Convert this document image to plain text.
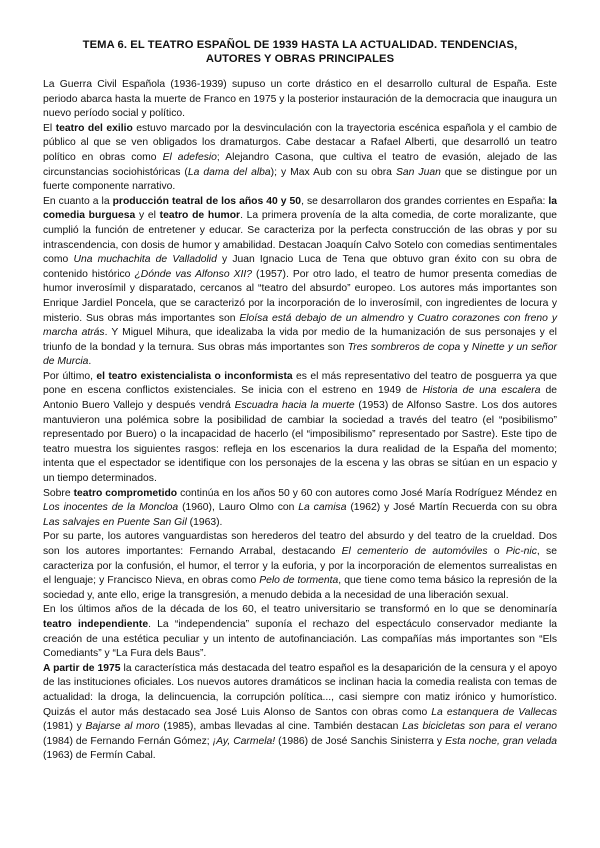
TEMA 6. EL TEATRO ESPAÑOL DE 1939 HASTA LA ACTUALIDAD. TENDENCIAS, AUTORES Y OBRAS PRINCIPALES

La Guerra Civil Española (1936-1939) supuso un corte drástico en el desarrollo cultural de España. Este periodo abarca hasta la muerte de Franco en 1975 y la posterior instauración de la democracia que inaugura un nuevo período social y político.

El teatro del exilio estuvo marcado por la desvinculación con la trayectoria escénica española y el cambio de público al que se ven obligados los dramaturgos. Cabe destacar a Rafael Alberti, que desarrolló un teatro político en obras como El adefesio; Alejandro Casona, que cultiva el teatro de evasión, alejado de las circunstancias sociohistóricas (La dama del alba); y Max Aub con su obra San Juan que se distingue por un fuerte componente narrativo.

En cuanto a la producción teatral de los años 40 y 50, se desarrollaron dos grandes corrientes en España: la comedia burguesa y el teatro de humor. La primera provenía de la alta comedia, de corte moralizante, que cumplió la función de entretener y educar. Se caracteriza por la perfecta construcción de las obras y por su intrascendencia, con dosis de humor y amabilidad. Destacan Joaquín Calvo Sotelo con comedias sentimentales como Una muchachita de Valladolid y Juan Ignacio Luca de Tena que obtuvo gran éxito con su obra de contenido histórico ¿Dónde vas Alfonso XII? (1957). Por otro lado, el teatro de humor presenta comedias de humor inverosímil y disparatado, cercanos al “teatro del absurdo” europeo. Los autores más importantes son Enrique Jardiel Poncela, que se caracterizó por la incorporación de lo inverosímil, con ingredientes de locura y misterio. Sus obras más importantes son Eloísa está debajo de un almendro y Cuatro corazones con freno y marcha atrás. Y Miguel Mihura, que idealizaba la vida por medio de la humanización de sus personajes y el triunfo de la bondad y la ternura. Sus obras más importantes son Tres sombreros de copa y Ninette y un señor de Murcia.

Por último, el teatro existencialista o inconformista es el más representativo del teatro de posguerra ya que pone en escena conflictos existenciales. Se inicia con el estreno en 1949 de Historia de una escalera de Antonio Buero Vallejo y después vendrá Escuadra hacia la muerte (1953) de Alfonso Sastre. Los dos autores mantuvieron una polémica sobre la posibilidad de cambiar la sociedad a través del teatro (el “posibilismo” representado por Buero) o la incapacidad de hacerlo (el “imposibilismo” representado por Sastre). Este tipo de teatro muestra los siguientes rasgos: refleja en los escenarios la dura realidad de la España del momento; intenta que el espectador se identifique con los personajes de la escena y las obras se sitúan en un espacio y un tiempo determinados.

Sobre teatro comprometido continúa en los años 50 y 60 con autores como José María Rodríguez Méndez en Los inocentes de la Moncloa (1960), Lauro Olmo con La camisa (1962) y José Martín Recuerda con su obra Las salvajes en Puente San Gil (1963).

Por su parte, los autores vanguardistas son herederos del teatro del absurdo y del teatro de la crueldad. Dos son los autores importantes: Fernando Arrabal, destacando El cementerio de automóviles o Pic-nic, se caracteriza por la confusión, el humor, el terror y la euforia, y por la incorporación de elementos surrealistas en el lenguaje; y Francisco Nieva, en obras como Pelo de tormenta, que tiene como tema básico la represión de la sociedad y, ante ello, erige la transgresión, a menudo debida a la necesidad de una liberación sexual.

En los últimos años de la década de los 60, el teatro universitario se transformó en lo que se denominaría teatro independiente. La “independencia” suponía el rechazo del espectáculo conservador mediante la creación de una estética peculiar y un intento de autofinanciación. Las compañías más importantes son “Els Comediants” y “La Fura dels Baus”.

A partir de 1975 la característica más destacada del teatro español es la desaparición de la censura y el apoyo de las instituciones oficiales. Los nuevos autores dramáticos se inclinan hacia la comedia realista con temas de actualidad: la droga, la delincuencia, la corrupción política..., casi siempre con matiz irónico y humorístico. Quizás el autor más destacado sea José Luis Alonso de Santos con obras como La estanquera de Vallecas (1981) y Bajarse al moro (1985), ambas llevadas al cine. También destacan Las bicicletas son para el verano (1984) de Fernando Fernán Gómez; ¡Ay, Carmela! (1986) de José Sanchis Sinisterra y Esta noche, gran velada (1963) de Fermín Cabal.
